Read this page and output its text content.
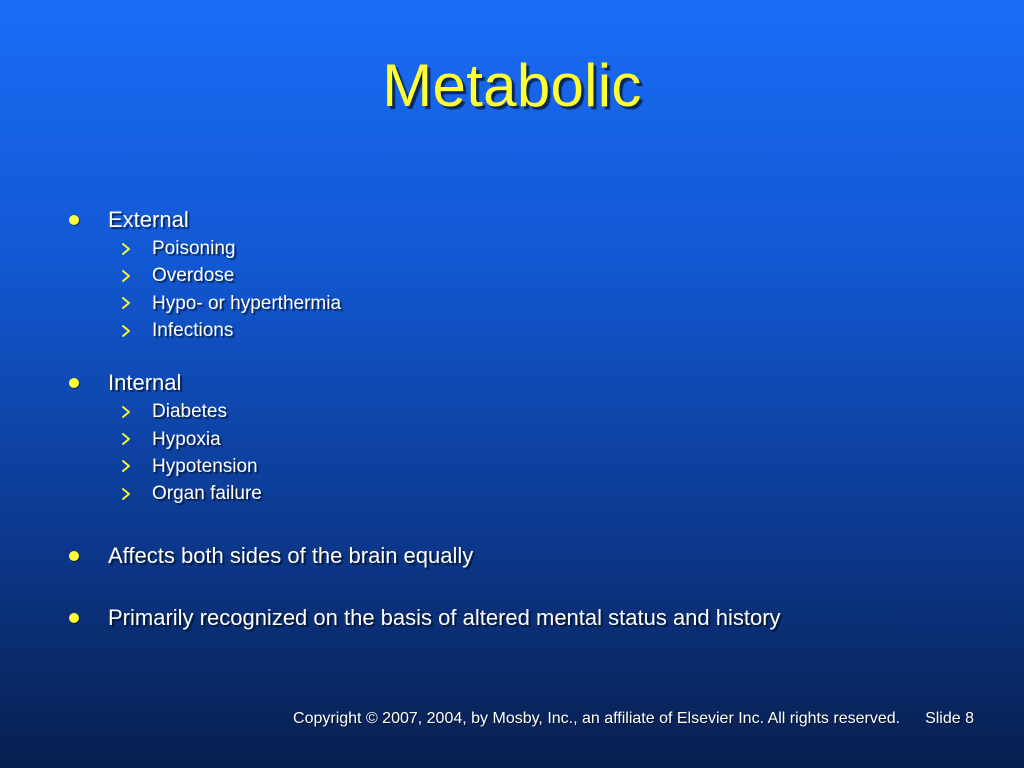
Metabolic
External
Poisoning
Overdose
Hypo- or hyperthermia
Infections
Internal
Diabetes
Hypoxia
Hypotension
Organ failure
Affects both sides of the brain equally
Primarily recognized on the basis of altered mental status and history
Copyright © 2007, 2004, by Mosby, Inc., an affiliate of Elsevier Inc. All rights reserved. Slide 8
